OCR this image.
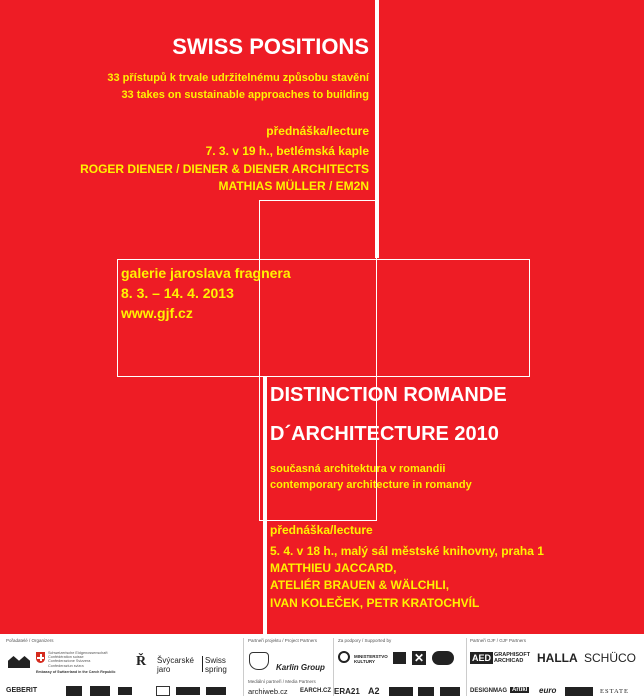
SWISS POSITIONS

33 přístupů k trvale udržitelnému způsobu stavění

33 takes on sustainable approaches to building

přednáška/lecture

7. 3. v 19 h., betlémská kaple

ROGER DIENER / DIENER & DIENER ARCHITECTS

MATHIAS MÜLLER / EM2N

galerie jaroslava fragnera

8. 3. – 14. 4. 2013

www.gjf.cz

DISTINCTION ROMANDE
D´ARCHITECTURE 2010

současná architektura v romandii

contemporary architecture in romandy

přednáška/lecture

5. 4. v 18 h., malý sál městské knihovny, praha 1

MATTHIEU JACCARD,

ATELIÉR BRAUEN & WÄLCHLI,

IVAN KOLEČEK, PETR KRATOCHVÍL

Pořadatelé / Organizers	Partneři projektu / Project Partners	Za podpory / Supported by	Partneři GJF / GJF Partners
Mediální partneři / Media Partners
Schweizerische Eidgenossenschaft
Confédération suisse
Confederazione Svizzera
Confederaziun svizra
Embassy of Switzerland in the Czech Republic
Ř Švýcarské jaro
Swiss spring	Karlin Group
MINISTERSTVO KULTURY	✕	AED GRAPHISOFT ARCHICAD	HALLA SCHÜCO
GEBERIT	archiweb.cz EARCH.CZ ERA21 A2	DESIGNMAG Artikl euro	ESTATE
